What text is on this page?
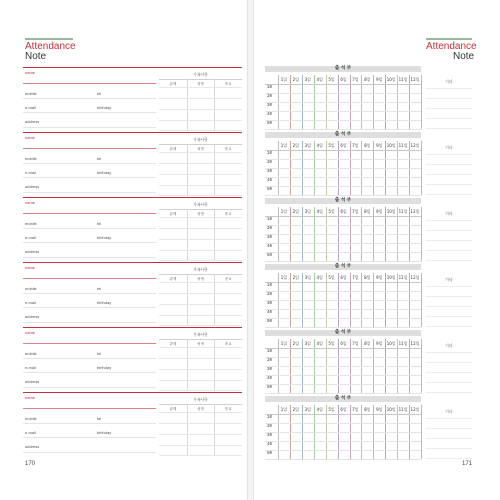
Attendance
Note
name
mobile	tel
e-mail	birthday
address
가족사항
관계	성명	종교
name
mobile	tel
e-mail	birthday
address
가족사항
관계	성명	종교
name
mobile	tel
e-mail	birthday
address
가족사항
관계	성명	종교
name
mobile	tel
e-mail	birthday
address
가족사항
관계	성명	종교
name
mobile	tel
e-mail	birthday
address
가족사항
관계	성명	종교
name
mobile	tel
e-mail	birthday
address
가족사항
관계	성명	종교
170
Attendance
Note
171
출 석 부
1일	2일	3일	4일	5일	6일	7일	8일	9일	10일 11일 12일
10
20
30
40
50
기타
출 석 부
1일	2일	3일	4일	5일	6일	7일	8일	9일	10일 11일 12일
10
20
30
40
50
기타
출 석 부
1일	2일	3일	4일	5일	6일	7일	8일	9일	10일 11일 12일
10
20
30
40
50
기타
출 석 부
1일	2일	3일	4일	5일	6일	7일	8일	9일	10일 11일 12일
10
20
30
40
50
기타
출 석 부
1일	2일	3일	4일	5일	6일	7일	8일	9일	10일 11일 12일
10
20
30
40
50
기타
출 석 부
1일	2일	3일	4일	5일	6일	7일	8일	9일	10일 11일 12일
10
20
30
40
50
기타
